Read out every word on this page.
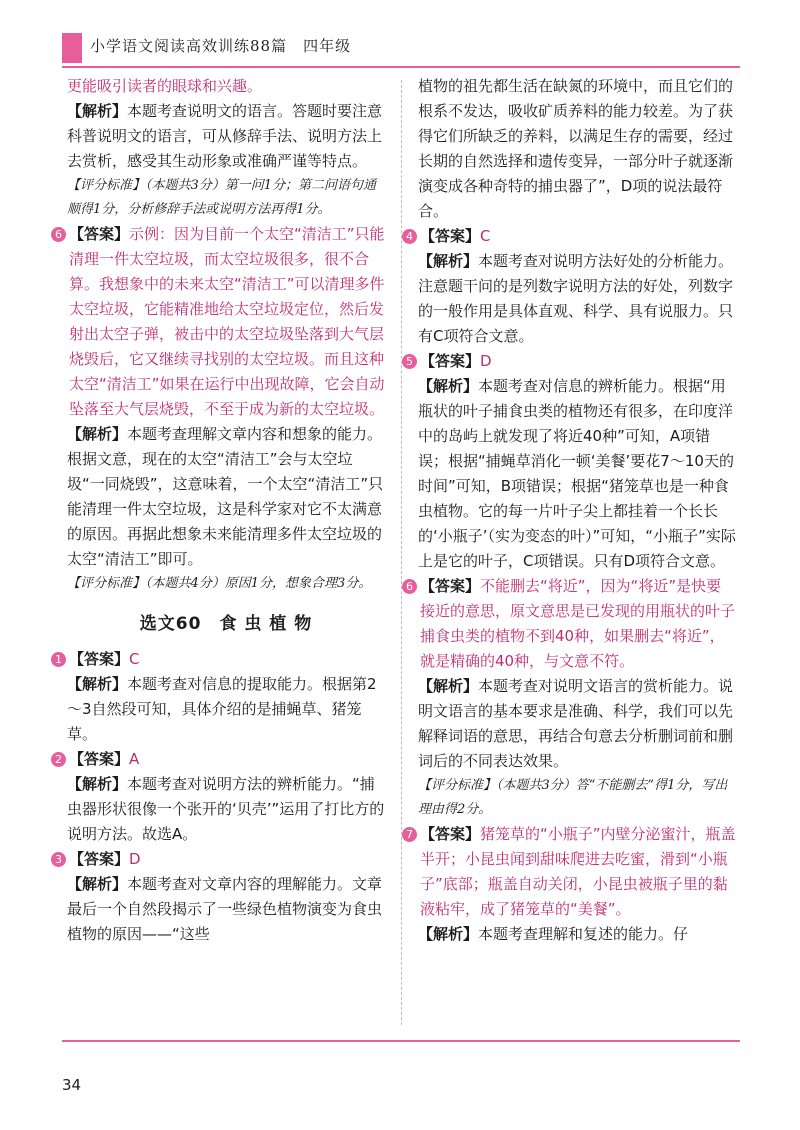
小学语文阅读高效训练88篇　四年级

更能吸引读者的眼球和兴趣。

【解析】本题考查说明文的语言。答题时要注意科普说明文的语言，可从修辞手法、说明方法上去赏析，感受其生动形象或准确严谨等特点。

【评分标准】（本题共3分）第一问1分；第二问语句通顺得1分，分析修辞手法或说明方法再得1分。

6 【答案】示例：因为目前一个太空“清洁工”只能清理一件太空垃圾，而太空垃圾很多，很不合算。我想象中的未来太空“清洁工”可以清理多件太空垃圾，它能精准地给太空垃圾定位，然后发射出太空子弹，被击中的太空垃圾坠落到大气层烧毁后，它又继续寻找别的太空垃圾。而且这种太空“清洁工”如果在运行中出现故障，它会自动坠落至大气层烧毁，不至于成为新的太空垃圾。

【解析】本题考查理解文章内容和想象的能力。根据文意，现在的太空“清洁工”会与太空垃圾“一同烧毁”，这意味着，一个太空“清洁工”只能清理一件太空垃圾，这是科学家对它不太满意的原因。再据此想象未来能清理多件太空垃圾的太空“清洁工”即可。

【评分标准】（本题共4分）原因1分，想象合理3分。

选文60　食 虫 植 物
1 【答案】C

【解析】本题考查对信息的提取能力。根据第2～3自然段可知，具体介绍的是捕蝇草、猪笼草。

2 【答案】A

【解析】本题考查对说明方法的辨析能力。“捕虫器形状很像一个张开的‘贝壳’”运用了打比方的说明方法。故选A。

3 【答案】D

【解析】本题考查对文章内容的理解能力。文章最后一个自然段揭示了一些绿色植物演变为食虫植物的原因——“这些

植物的祖先都生活在缺氮的环境中，而且它们的根系不发达，吸收矿质养料的能力较差。为了获得它们所缺乏的养料，以满足生存的需要，经过长期的自然选择和遗传变异，一部分叶子就逐渐演变成各种奇特的捕虫器了”，D项的说法最符合。

4 【答案】C

【解析】本题考查对说明方法好处的分析能力。注意题干问的是列数字说明方法的好处，列数字的一般作用是具体直观、科学、具有说服力。只有C项符合文意。

5 【答案】D

【解析】本题考查对信息的辨析能力。根据“用瓶状的叶子捕食虫类的植物还有很多，在印度洋中的岛屿上就发现了将近40种”可知，A项错误；根据“捕蝇草消化一顿‘美餐’要花7～10天的时间”可知，B项错误；根据“猪笼草也是一种食虫植物。它的每一片叶子尖上都挂着一个长长的‘小瓶子’（实为变态的叶）”可知，“小瓶子”实际上是它的叶子，C项错误。只有D项符合文意。

6 【答案】不能删去“将近”，因为“将近”是快要接近的意思，原文意思是已发现的用瓶状的叶子捕食虫类的植物不到40种，如果删去“将近”，就是精确的40种，与文意不符。

【解析】本题考查对说明文语言的赏析能力。说明文语言的基本要求是准确、科学，我们可以先解释词语的意思，再结合句意去分析删词前和删词后的不同表达效果。

【评分标准】（本题共3分）答“不能删去”得1分，写出理由得2分。

7 【答案】猪笼草的“小瓶子”内壁分泌蜜汁，瓶盖半开；小昆虫闻到甜味爬进去吃蜜，滑到“小瓶子”底部；瓶盖自动关闭，小昆虫被瓶子里的黏液粘牢，成了猪笼草的“美餐”。

【解析】本题考查理解和复述的能力。仔

34
